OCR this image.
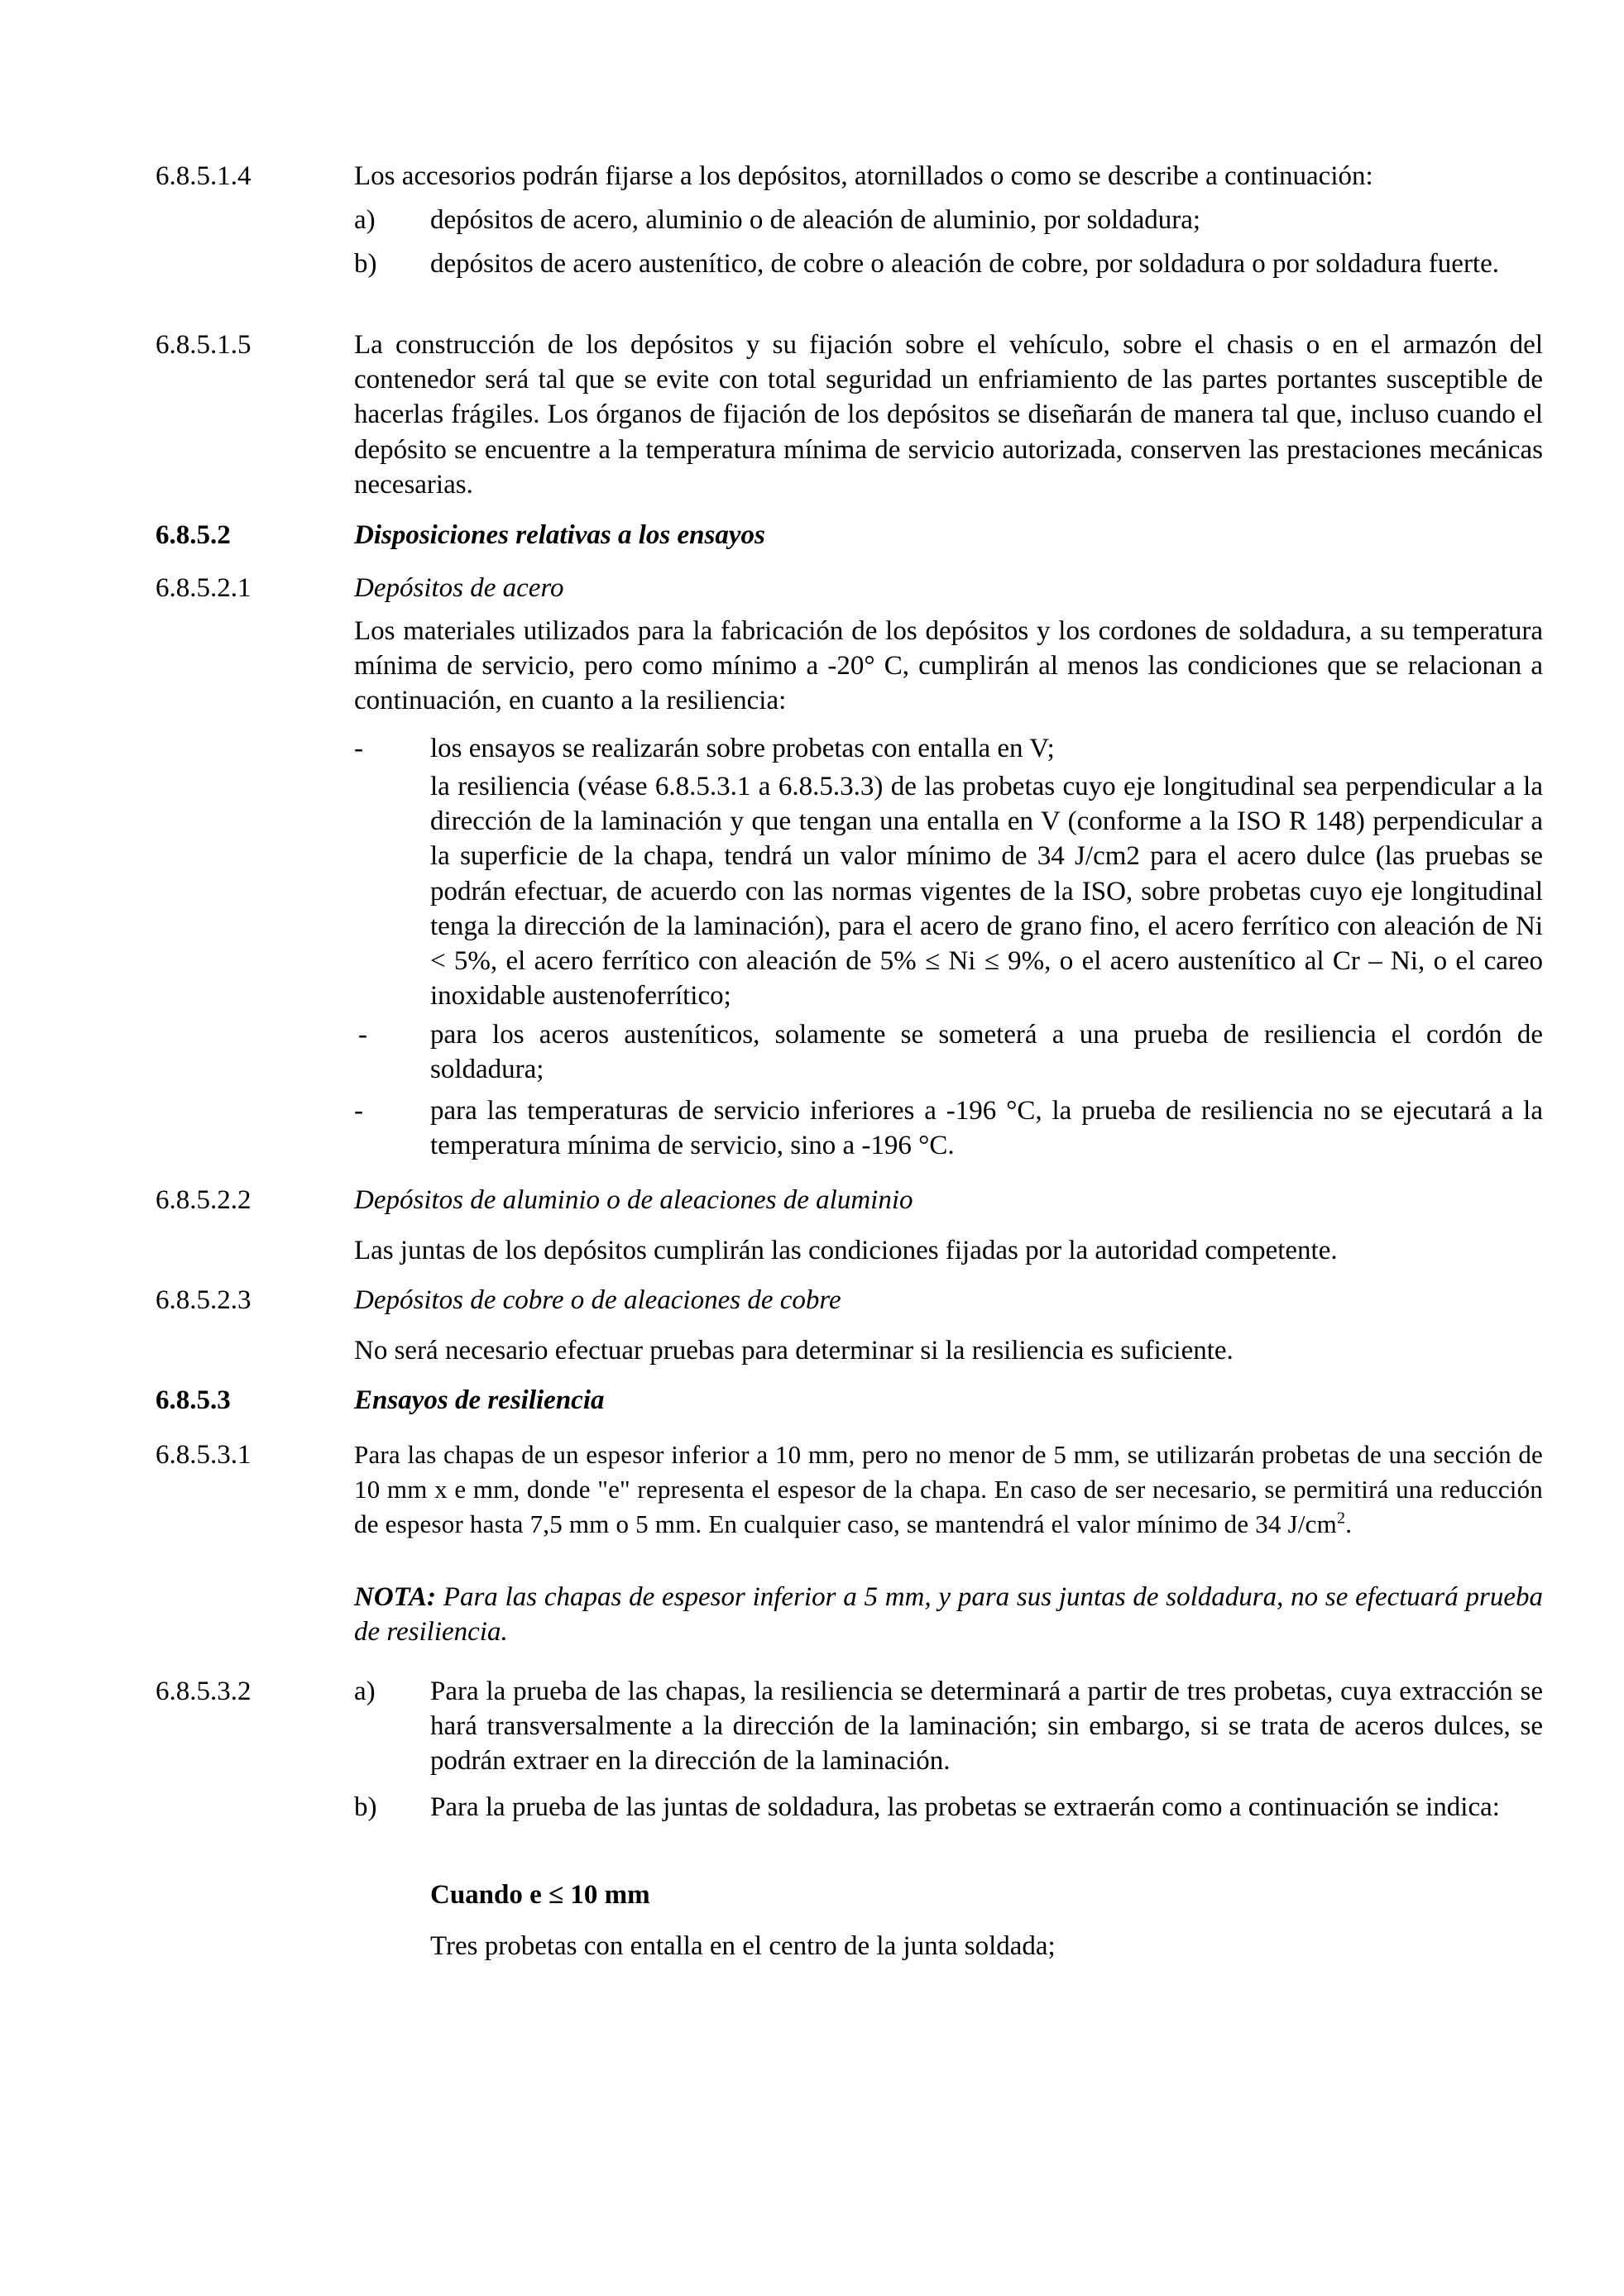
6.8.5.1.4	Los accesorios podrán fijarse a los depósitos, atornillados o como se describe a continuación:
a) depósitos de acero, aluminio o de aleación de aluminio, por soldadura;
b) depósitos de acero austenítico, de cobre o aleación de cobre, por soldadura o por soldadura fuerte.
6.8.5.1.5	La construcción de los depósitos y su fijación sobre el vehículo, sobre el chasis o en el armazón del contenedor será tal que se evite con total seguridad un enfriamiento de las partes portantes susceptible de hacerlas frágiles. Los órganos de fijación de los depósitos se diseñarán de manera tal que, incluso cuando el depósito se encuentre a la temperatura mínima de servicio autorizada, conserven las prestaciones mecánicas necesarias.
6.8.5.2	Disposiciones relativas a los ensayos
6.8.5.2.1	Depósitos de acero
Los materiales utilizados para la fabricación de los depósitos y los cordones de soldadura, a su temperatura mínima de servicio, pero como mínimo a -20° C, cumplirán al menos las condiciones que se relacionan a continuación, en cuanto a la resiliencia:
- los ensayos se realizarán sobre probetas con entalla en V;
la resiliencia (véase 6.8.5.3.1 a 6.8.5.3.3) de las probetas cuyo eje longitudinal sea perpendicular a la dirección de la laminación y que tengan una entalla en V (conforme a la ISO R 148) perpendicular a la superficie de la chapa, tendrá un valor mínimo de 34 J/cm2 para el acero dulce (las pruebas se podrán efectuar, de acuerdo con las normas vigentes de la ISO, sobre probetas cuyo eje longitudinal tenga la dirección de la laminación), para el acero de grano fino, el acero ferrítico con aleación de Ni < 5%, el acero ferrítico con aleación de 5% ≤ Ni ≤ 9%, o el acero austenítico al Cr – Ni, o el careo inoxidable austenoferrítico;
- para los aceros austeníticos, solamente se someterá a una prueba de resiliencia el cordón de soldadura;
- para las temperaturas de servicio inferiores a -196 °C, la prueba de resiliencia no se ejecutará a la temperatura mínima de servicio, sino a -196 °C.
6.8.5.2.2	Depósitos de aluminio o de aleaciones de aluminio
Las juntas de los depósitos cumplirán las condiciones fijadas por la autoridad competente.
6.8.5.2.3	Depósitos de cobre o de aleaciones de cobre
No será necesario efectuar pruebas para determinar si la resiliencia es suficiente.
6.8.5.3	Ensayos de resiliencia
6.8.5.3.1	Para las chapas de un espesor inferior a 10 mm, pero no menor de 5 mm, se utilizarán probetas de una sección de 10 mm x e mm, donde "e" representa el espesor de la chapa. En caso de ser necesario, se permitirá una reducción de espesor hasta 7,5 mm o 5 mm. En cualquier caso, se mantendrá el valor mínimo de 34 $J/cm^2$.
NOTA: Para las chapas de espesor inferior a 5 mm, y para sus juntas de soldadura, no se efectuará prueba de resiliencia.
6.8.5.3.2	a) Para la prueba de las chapas, la resiliencia se determinará a partir de tres probetas, cuya extracción se hará transversalmente a la dirección de la laminación; sin embargo, si se trata de aceros dulces, se podrán extraer en la dirección de la laminación.
b) Para la prueba de las juntas de soldadura, las probetas se extraerán como a continuación se indica:
Cuando e ≤ 10 mm
Tres probetas con entalla en el centro de la junta soldada;
